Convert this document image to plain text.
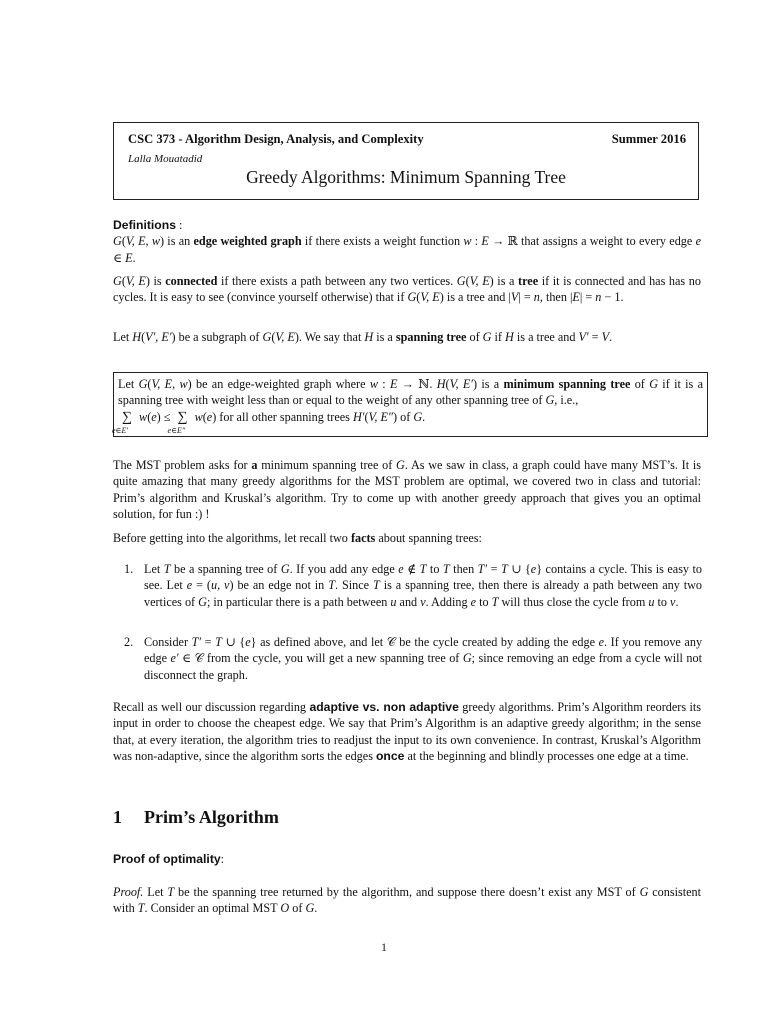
CSC 373 - Algorithm Design, Analysis, and Complexity	Summer 2016
Lalla Mouatadid
Greedy Algorithms: Minimum Spanning Tree
Definitions :
G(V, E, w) is an edge weighted graph if there exists a weight function w : E → ℝ that assigns a weight to every edge e ∈ E.
G(V, E) is connected if there exists a path between any two vertices. G(V, E) is a tree if it is connected and has has no cycles. It is easy to see (convince yourself otherwise) that if G(V, E) is a tree and |V| = n, then |E| = n − 1.
Let H(V′, E′) be a subgraph of G(V, E). We say that H is a spanning tree of G if H is a tree and V′ = V.
Let G(V, E, w) be an edge-weighted graph where w : E → ℕ. H(V, E′) is a minimum spanning tree of G if it is a spanning tree with weight less than or equal to the weight of any other spanning tree of G, i.e.,
∑
e∈E′
w(e) ≤ ∑
e∈E″
w(e) for all other spanning trees H′(V, E″) of G.
The MST problem asks for a minimum spanning tree of G. As we saw in class, a graph could have many MST’s. It is quite amazing that many greedy algorithms for the MST problem are optimal, we covered two in class and tutorial: Prim’s algorithm and Kruskal’s algorithm. Try to come up with another greedy approach that gives you an optimal solution, for fun :) !
Before getting into the algorithms, let recall two facts about spanning trees:
1. Let T be a spanning tree of G. If you add any edge e ∉ T to T then T′ = T ∪ {e} contains a cycle. This is easy to see. Let e = (u, v) be an edge not in T. Since T is a spanning tree, then there is already a path between any two vertices of G; in particular there is a path between u and v. Adding e to T will thus close the cycle from u to v.
2. Consider T′ = T ∪ {e} as defined above, and let 𝒞 be the cycle created by adding the edge e. If you remove any edge e′ ∈ 𝒞 from the cycle, you will get a new spanning tree of G; since removing an edge from a cycle will not disconnect the graph.
Recall as well our discussion regarding adaptive vs. non adaptive greedy algorithms. Prim’s Algorithm reorders its input in order to choose the cheapest edge. We say that Prim’s Algorithm is an adaptive greedy algorithm; in the sense that, at every iteration, the algorithm tries to readjust the input to its own convenience. In contrast, Kruskal’s Algorithm was non-adaptive, since the algorithm sorts the edges once at the beginning and blindly processes one edge at a time.
1 Prim’s Algorithm
Proof of optimality:
Proof. Let T be the spanning tree returned by the algorithm, and suppose there doesn’t exist any MST of G consistent with T. Consider an optimal MST O of G.
1
